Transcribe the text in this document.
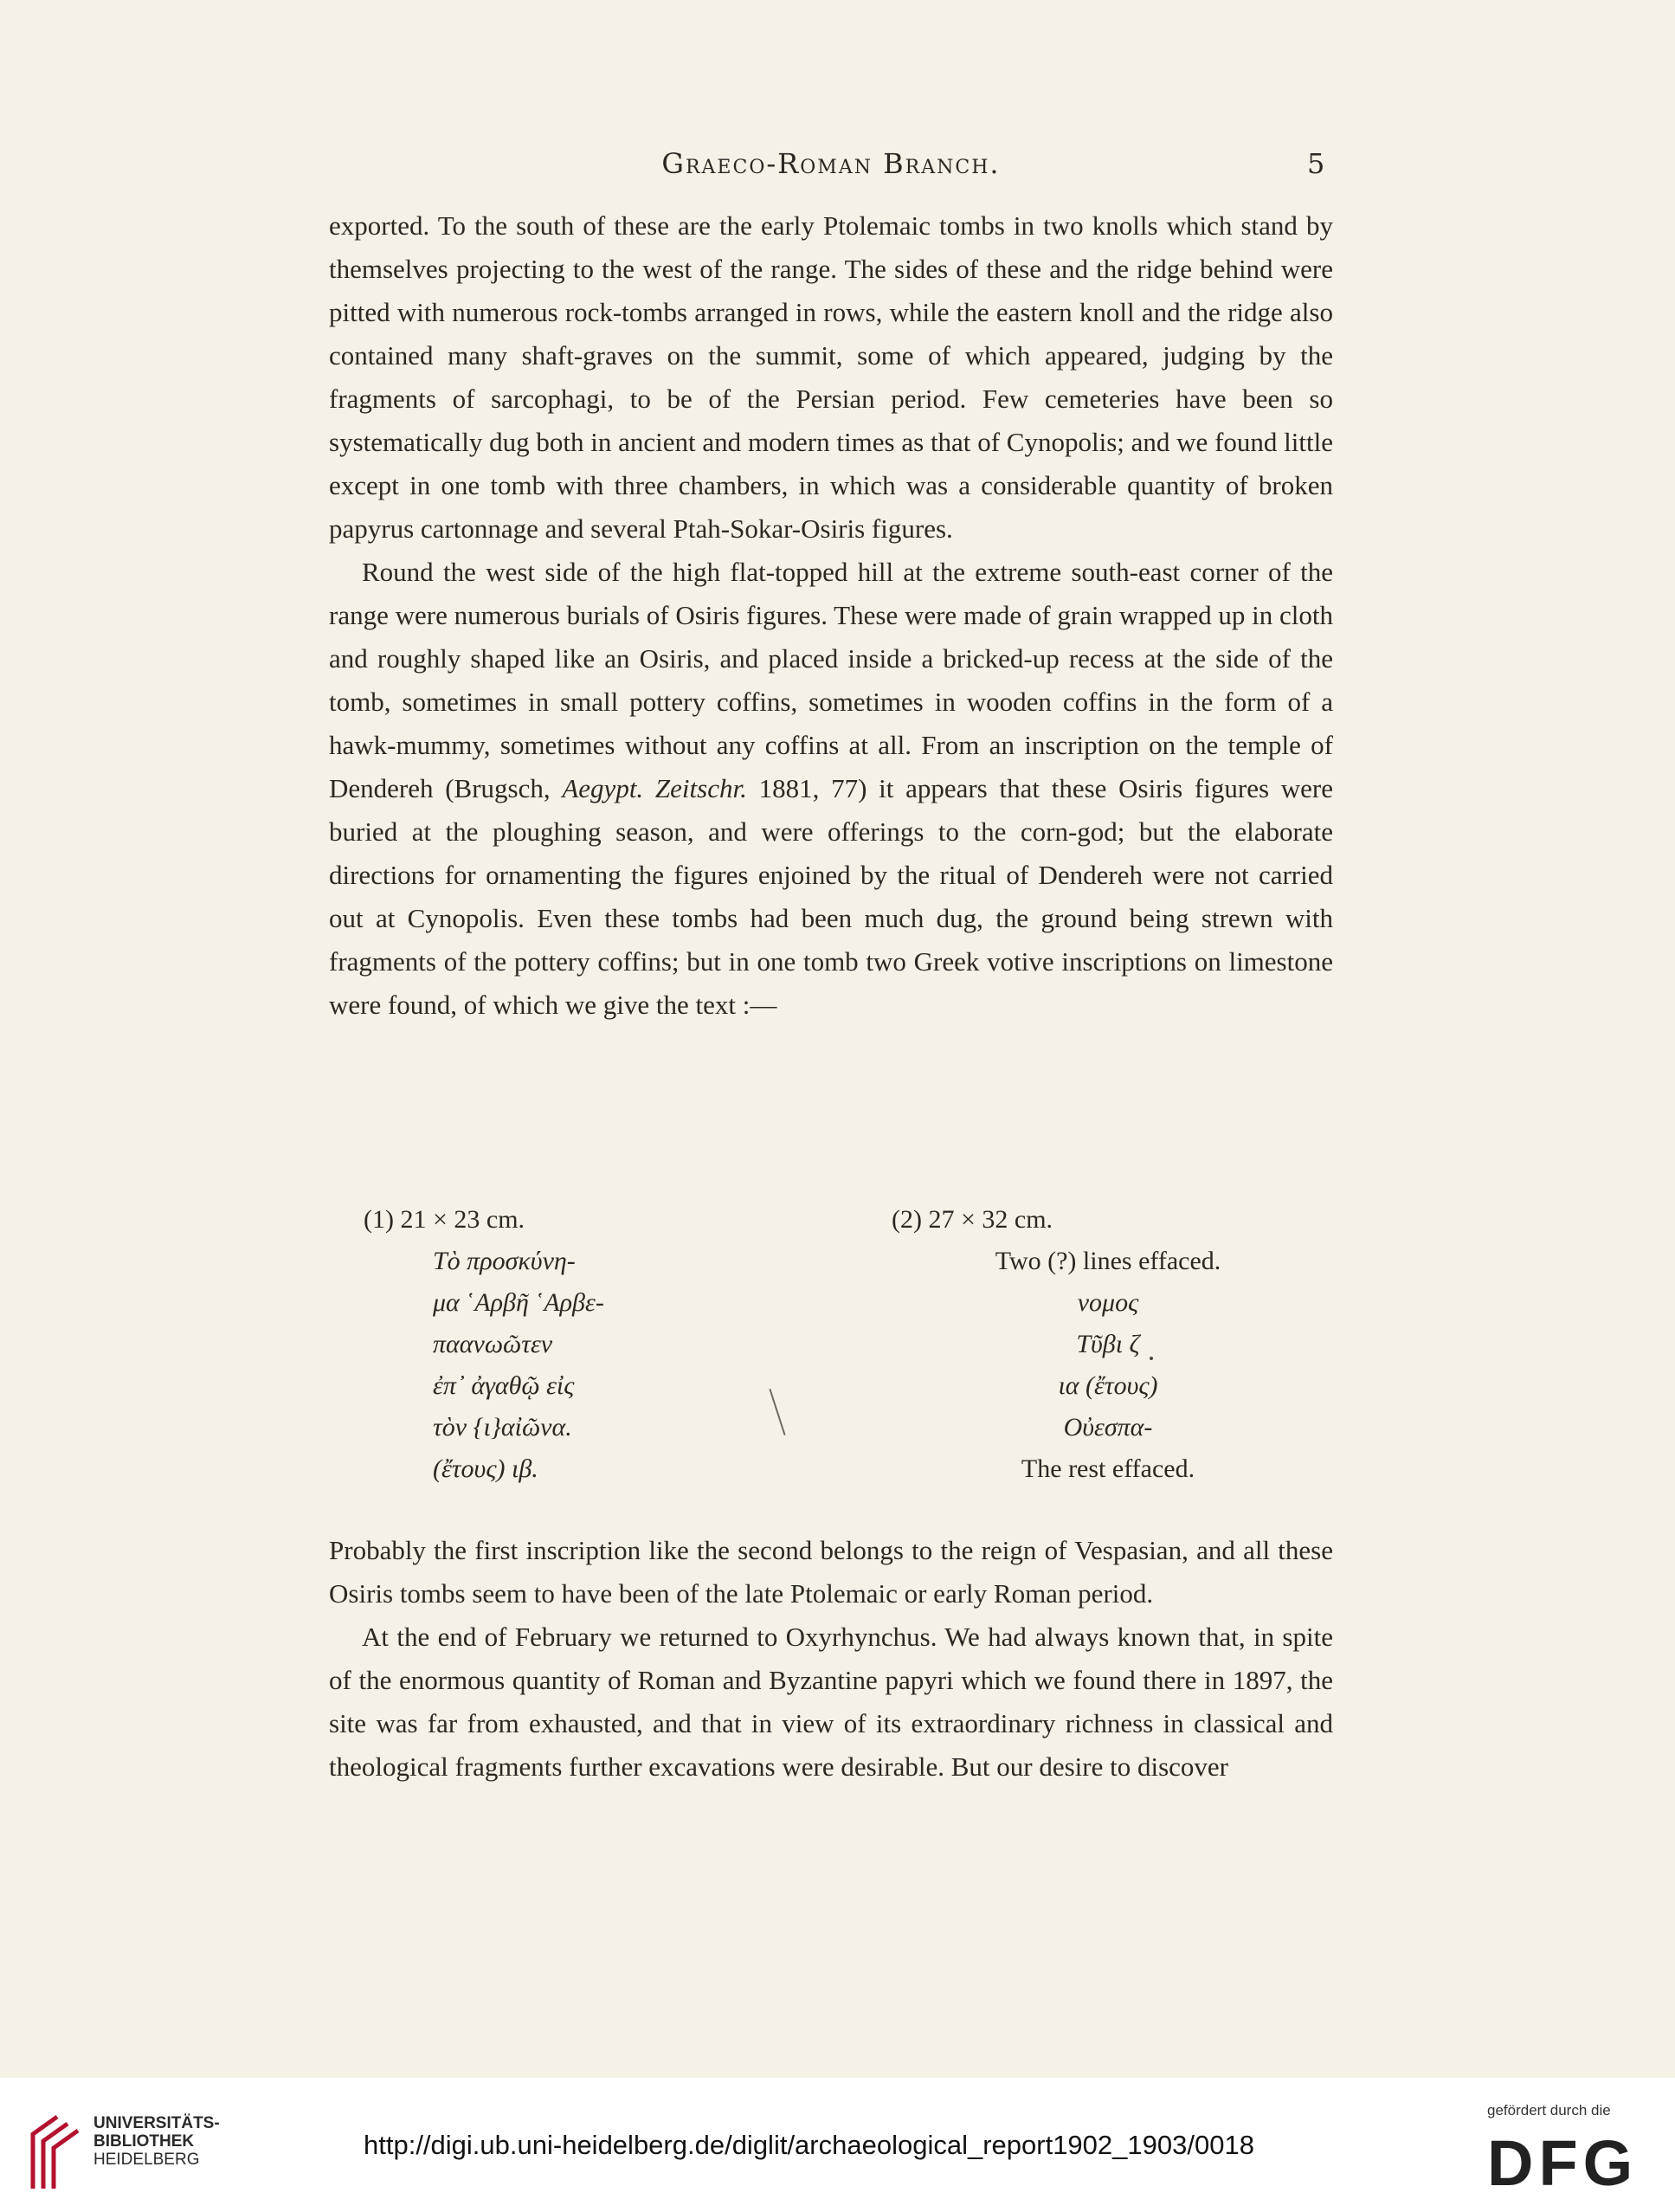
Graeco-Roman Branch.	5

exported. To the south of these are the early Ptolemaic tombs in two knolls which stand by themselves projecting to the west of the range. The sides of these and the ridge behind were pitted with numerous rock-tombs arranged in rows, while the eastern knoll and the ridge also contained many shaft-graves on the summit, some of which appeared, judging by the fragments of sarcophagi, to be of the Persian period. Few cemeteries have been so systematically dug both in ancient and modern times as that of Cynopolis; and we found little except in one tomb with three chambers, in which was a considerable quantity of broken papyrus cartonnage and several Ptah-Sokar-Osiris figures.

Round the west side of the high flat-topped hill at the extreme south-east corner of the range were numerous burials of Osiris figures. These were made of grain wrapped up in cloth and roughly shaped like an Osiris, and placed inside a bricked-up recess at the side of the tomb, sometimes in small pottery coffins, sometimes in wooden coffins in the form of a hawk-mummy, sometimes without any coffins at all. From an inscription on the temple of Dendereh (Brugsch, Aegypt. Zeitschr. 1881, 77) it appears that these Osiris figures were buried at the ploughing season, and were offerings to the corn-god; but the elaborate directions for ornamenting the figures enjoined by the ritual of Dendereh were not carried out at Cynopolis. Even these tombs had been much dug, the ground being strewn with fragments of the pottery coffins; but in one tomb two Greek votive inscriptions on limestone were found, of which we give the text :—

(1) 21 × 23 cm.
Τὸ προσκύνη-
μα ῾Αρβῆ ῾Αρβε-
πααvωῶτεν
ἐπ᾽ ἀγαθῷ εἰς
τὸν {ι}αἰῶνα.
(ἔτους) ιβ.
(2) 27 × 32 cm.
Two (?) lines effaced.
νομος
Τῦβι ζ
ια (ἔτους)
Οὐεσπα-
The rest effaced.

Probably the first inscription like the second belongs to the reign of Vespasian, and all these Osiris tombs seem to have been of the late Ptolemaic or early Roman period.

At the end of February we returned to Oxyrhynchus. We had always known that, in spite of the enormous quantity of Roman and Byzantine papyri which we found there in 1897, the site was far from exhausted, and that in view of its extraordinary richness in classical and theological fragments further excavations were desirable. But our desire to discover

UNIVERSITÄTS-
BIBLIOTHEK
HEIDELBERG	http://digi.ub.uni-heidelberg.de/diglit/archaeological_report1902_1903/0018
gefördert durch die
DFG
